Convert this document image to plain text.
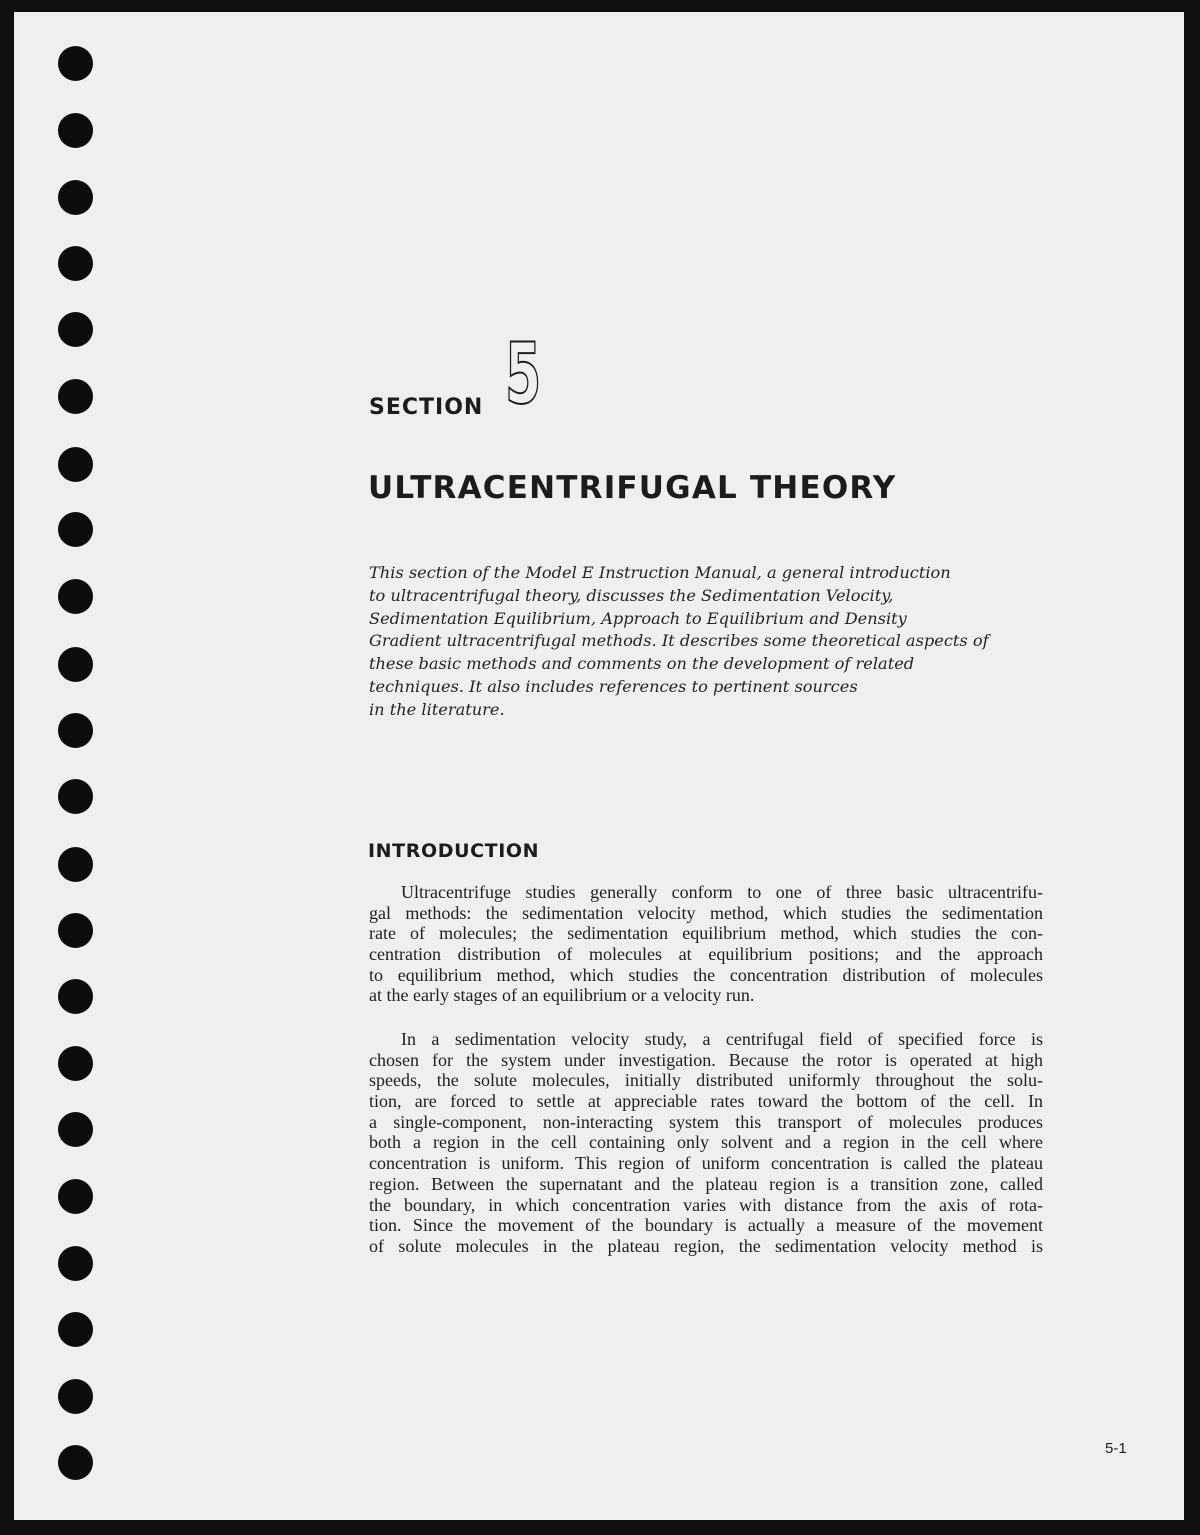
SECTION 5
ULTRACENTRIFUGAL THEORY
This section of the Model E Instruction Manual, a general introduction
to ultracentrifugal theory, discusses the Sedimentation Velocity,
Sedimentation Equilibrium, Approach to Equilibrium and Density
Gradient ultracentrifugal methods. It describes some theoretical aspects of
these basic methods and comments on the development of related
techniques. It also includes references to pertinent sources
in the literature.
INTRODUCTION
Ultracentrifuge studies generally conform to one of three basic ultracentrifu-
gal methods: the sedimentation velocity method, which studies the sedimentation
rate of molecules; the sedimentation equilibrium method, which studies the con-
centration distribution of molecules at equilibrium positions; and the approach
to equilibrium method, which studies the concentration distribution of molecules
at the early stages of an equilibrium or a velocity run.
In a sedimentation velocity study, a centrifugal field of specified force is
chosen for the system under investigation. Because the rotor is operated at high
speeds, the solute molecules, initially distributed uniformly throughout the solu-
tion, are forced to settle at appreciable rates toward the bottom of the cell. In
a single-component, non-interacting system this transport of molecules produces
both a region in the cell containing only solvent and a region in the cell where
concentration is uniform. This region of uniform concentration is called the plateau
region. Between the supernatant and the plateau region is a transition zone, called
the boundary, in which concentration varies with distance from the axis of rota-
tion. Since the movement of the boundary is actually a measure of the movement
of solute molecules in the plateau region, the sedimentation velocity method is
5-1
